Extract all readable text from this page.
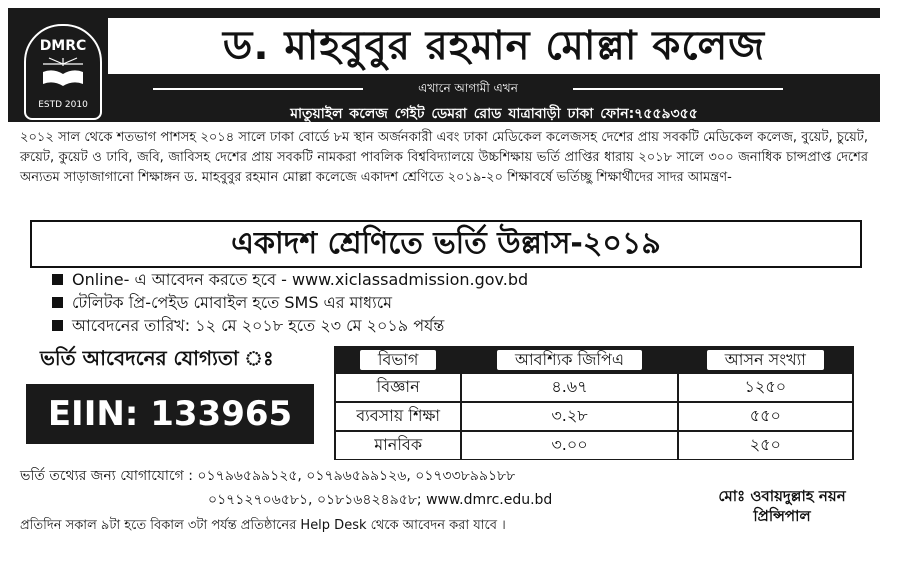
DMRC
ESTD 2010
ড. মাহবুবুর রহমান মোল্লা কলেজ
এখানে আগামী এখন
মাতুয়াইল কলেজ গেইট ডেমরা রোড যাত্রাবাড়ী ঢাকা ফোন:৭৫৫৯৩৫৫
২০১২ সাল থেকে শতভাগ পাশসহ ২০১৪ সালে ঢাকা বোর্ডে ৮ম স্থান অর্জনকারী এবং ঢাকা মেডিকেল কলেজসহ দেশের প্রায় সবকটি মেডিকেল কলেজ, বুয়েট, চুয়েট, রুয়েট, কুয়েট ও ঢাবি, জবি, জাবিসহ দেশের প্রায় সবকটি নামকরা পাবলিক বিশ্ববিদ্যালয়ে উচ্চশিক্ষায় ভর্তি প্রাপ্তির ধারায় ২০১৮ সালে ৩০০ জনাধিক চান্সপ্রাপ্ত দেশের অন্যতম সাড়াজাগানো শিক্ষাঙ্গন ড. মাহবুবুর রহমান মোল্লা কলেজে একাদশ শ্রেণিতে ২০১৯-২০ শিক্ষাবর্ষে ভর্তিচ্ছু শিক্ষার্থীদের সাদর আমন্ত্রণ-
একাদশ শ্রেণিতে ভর্তি উল্লাস-২০১৯
Online- এ আবেদন করতে হবে - www.xiclassadmission.gov.bd
টেলিটক প্রি-পেইড মোবাইল হতে SMS এর মাধ্যমে
আবেদনের তারিখ: ১২ মে ২০১৮ হতে ২৩ মে ২০১৯ পর্যন্ত
ভর্তি আবেদনের যোগ্যতা ঃ
EIIN: 133965
বিভাগ	আবশ্যিক জিপিএ	আসন সংখ্যা
বিজ্ঞান	৪.৬৭	১২৫০
ব্যবসায় শিক্ষা	৩.২৮	৫৫০
মানবিক	৩.০০	২৫০
ভর্তি তথ্যের জন্য যোগাযোগে : ০১৭৯৬৫৯৯১২৫, ০১৭৯৬৫৯৯১২৬, ০১৭৩৩৮৯৯১৮৮
০১৭১২৭০৬৫৮১, ০১৮১৬৪২৪৯৫৮; www.dmrc.edu.bd
প্রতিদিন সকাল ৯টা হতে বিকাল ৩টা পর্যন্ত প্রতিষ্ঠানের Help Desk থেকে আবেদন করা যাবে ।
মোঃ ওবায়দুল্লাহ নয়ন
প্রিন্সিপাল
